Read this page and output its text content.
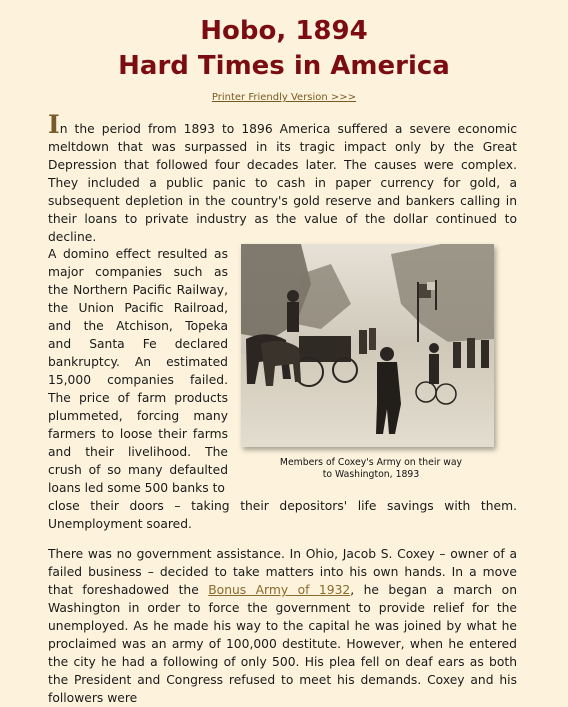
Hobo, 1894
Hard Times in America
Printer Friendly Version >>>

In the period from 1893 to 1896 America suffered a severe economic meltdown that was surpassed in its tragic impact only by the Great Depression that followed four decades later. The causes were complex. They included a public panic to cash in paper currency for gold, a subsequent depletion in the country's gold reserve and bankers calling in their loans to private industry as the value of the dollar continued to decline.

A domino effect resulted as major companies such as the Northern Pacific Railway, the Union Pacific Railroad, and the Atchison, Topeka and Santa Fe declared bankruptcy. An estimated 15,000 companies failed. The price of farm products plummeted, forcing many farmers to loose their farms and their livelihood. The crush of so many defaulted loans led some 500 banks to

Members of Coxey's Army on their way
to Washington, 1893

close their doors – taking their depositors' life savings with them. Unemployment soared.

There was no government assistance. In Ohio, Jacob S. Coxey – owner of a failed business – decided to take matters into his own hands. In a move that foreshadowed the Bonus Army of 1932, he began a march on Washington in order to force the government to provide relief for the unemployed. As he made his way to the capital he was joined by what he proclaimed was an army of 100,000 destitute. However, when he entered the city he had a following of only 500. His plea fell on deaf ears as both the President and Congress refused to meet his demands. Coxey and his followers were
